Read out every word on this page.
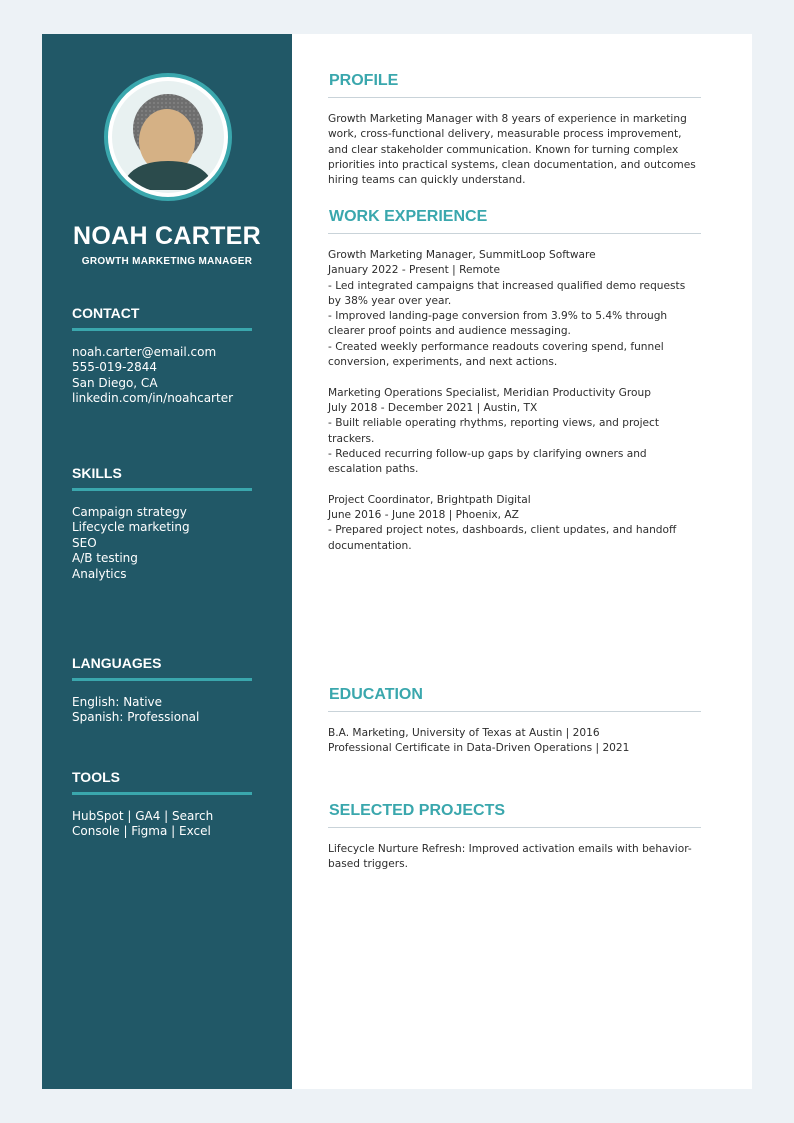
NOAH CARTER
GROWTH MARKETING MANAGER
CONTACT
noah.carter@email.com
555-019-2844
San Diego, CA
linkedin.com/in/noahcarter
SKILLS
Campaign strategy
Lifecycle marketing
SEO
A/B testing
Analytics
LANGUAGES
English: Native
Spanish: Professional
TOOLS
HubSpot | GA4 | Search Console | Figma | Excel
PROFILE
Growth Marketing Manager with 8 years of experience in marketing work, cross-functional delivery, measurable process improvement, and clear stakeholder communication. Known for turning complex priorities into practical systems, clean documentation, and outcomes hiring teams can quickly understand.
WORK EXPERIENCE
Growth Marketing Manager, SummitLoop Software
January 2022 - Present | Remote
- Led integrated campaigns that increased qualified demo requests by 38% year over year.
- Improved landing-page conversion from 3.9% to 5.4% through clearer proof points and audience messaging.
- Created weekly performance readouts covering spend, funnel conversion, experiments, and next actions.
Marketing Operations Specialist, Meridian Productivity Group
July 2018 - December 2021 | Austin, TX
- Built reliable operating rhythms, reporting views, and project trackers.
- Reduced recurring follow-up gaps by clarifying owners and escalation paths.
Project Coordinator, Brightpath Digital
June 2016 - June 2018 | Phoenix, AZ
- Prepared project notes, dashboards, client updates, and handoff documentation.
EDUCATION
B.A. Marketing, University of Texas at Austin | 2016
Professional Certificate in Data-Driven Operations | 2021
SELECTED PROJECTS
Lifecycle Nurture Refresh: Improved activation emails with behavior-based triggers.
